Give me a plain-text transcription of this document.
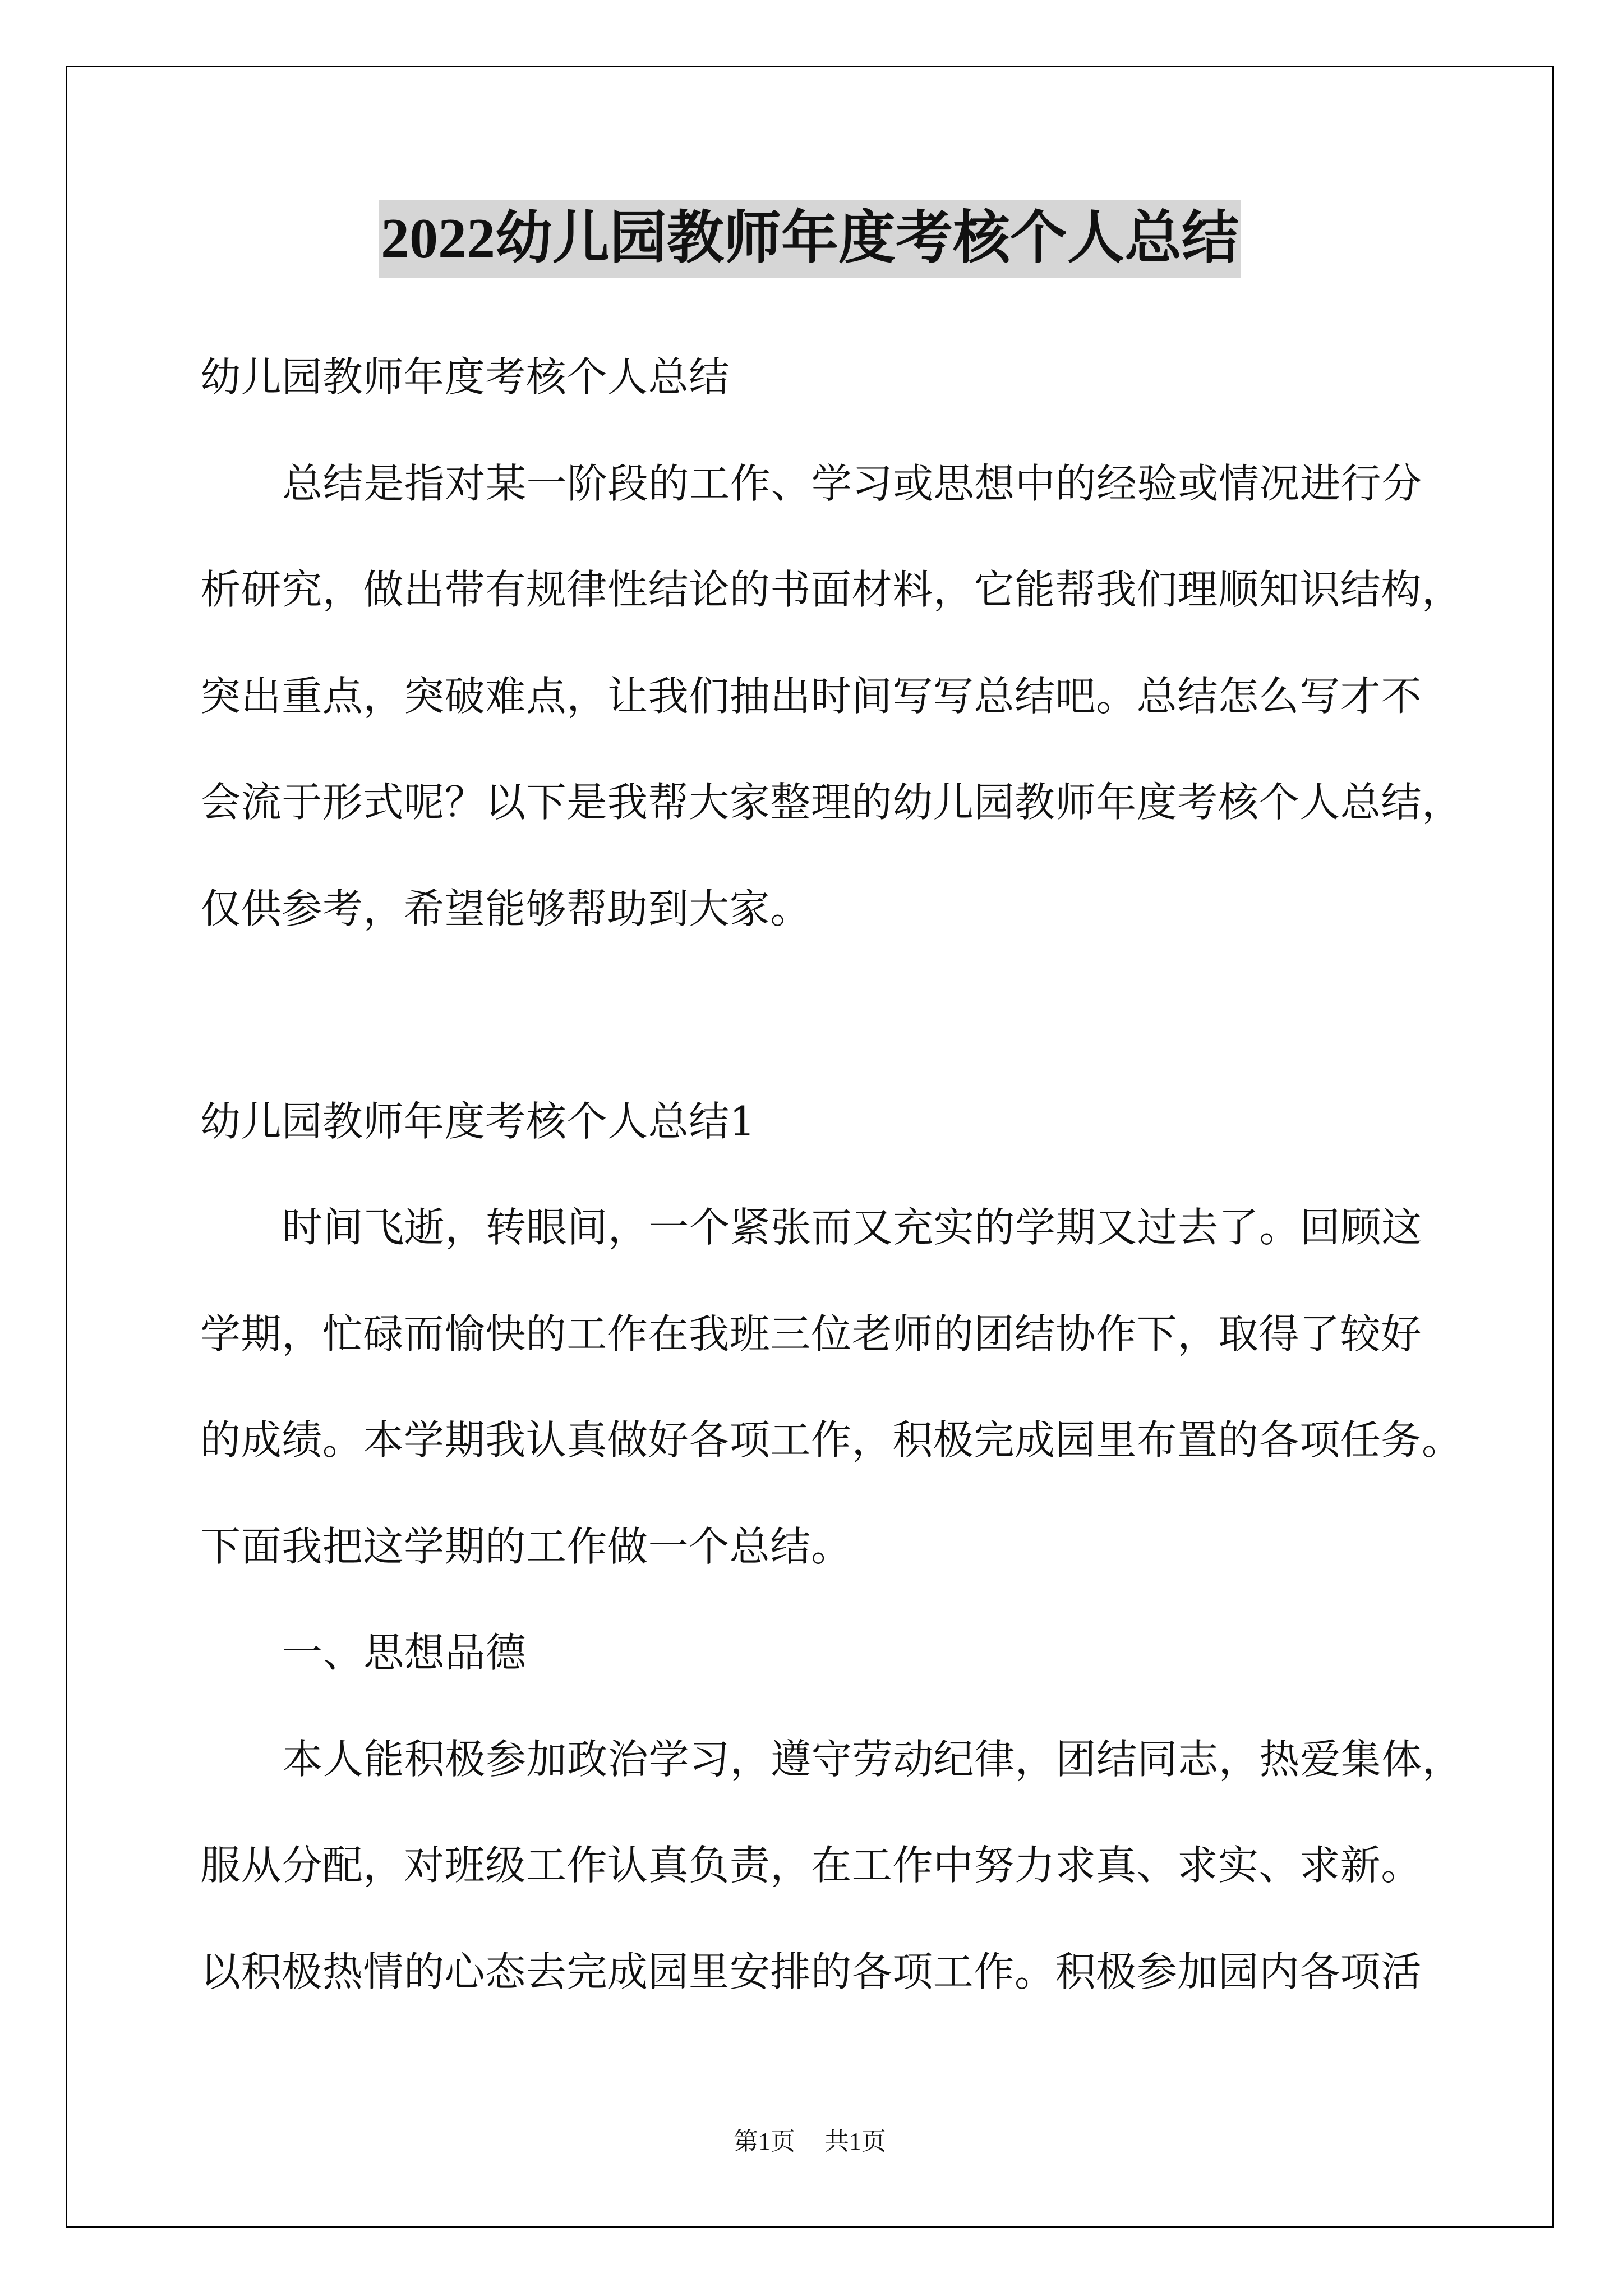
2022幼儿园教师年度考核个人总结
幼儿园教师年度考核个人总结
总结是指对某一阶段的工作、学习或思想中的经验或情况进行分
析研究，做出带有规律性结论的书面材料，它能帮我们理顺知识结构，
突出重点，突破难点，让我们抽出时间写写总结吧。总结怎么写才不
会流于形式呢？以下是我帮大家整理的幼儿园教师年度考核个人总结，
仅供参考，希望能够帮助到大家。
幼儿园教师年度考核个人总结1
时间飞逝，转眼间，一个紧张而又充实的学期又过去了。回顾这
学期，忙碌而愉快的工作在我班三位老师的团结协作下，取得了较好
的成绩。本学期我认真做好各项工作，积极完成园里布置的各项任务。
下面我把这学期的工作做一个总结。
一、思想品德
本人能积极参加政治学习，遵守劳动纪律，团结同志，热爱集体，
服从分配，对班级工作认真负责，在工作中努力求真、求实、求新。
以积极热情的心态去完成园里安排的各项工作。积极参加园内各项活
第1页 共1页
